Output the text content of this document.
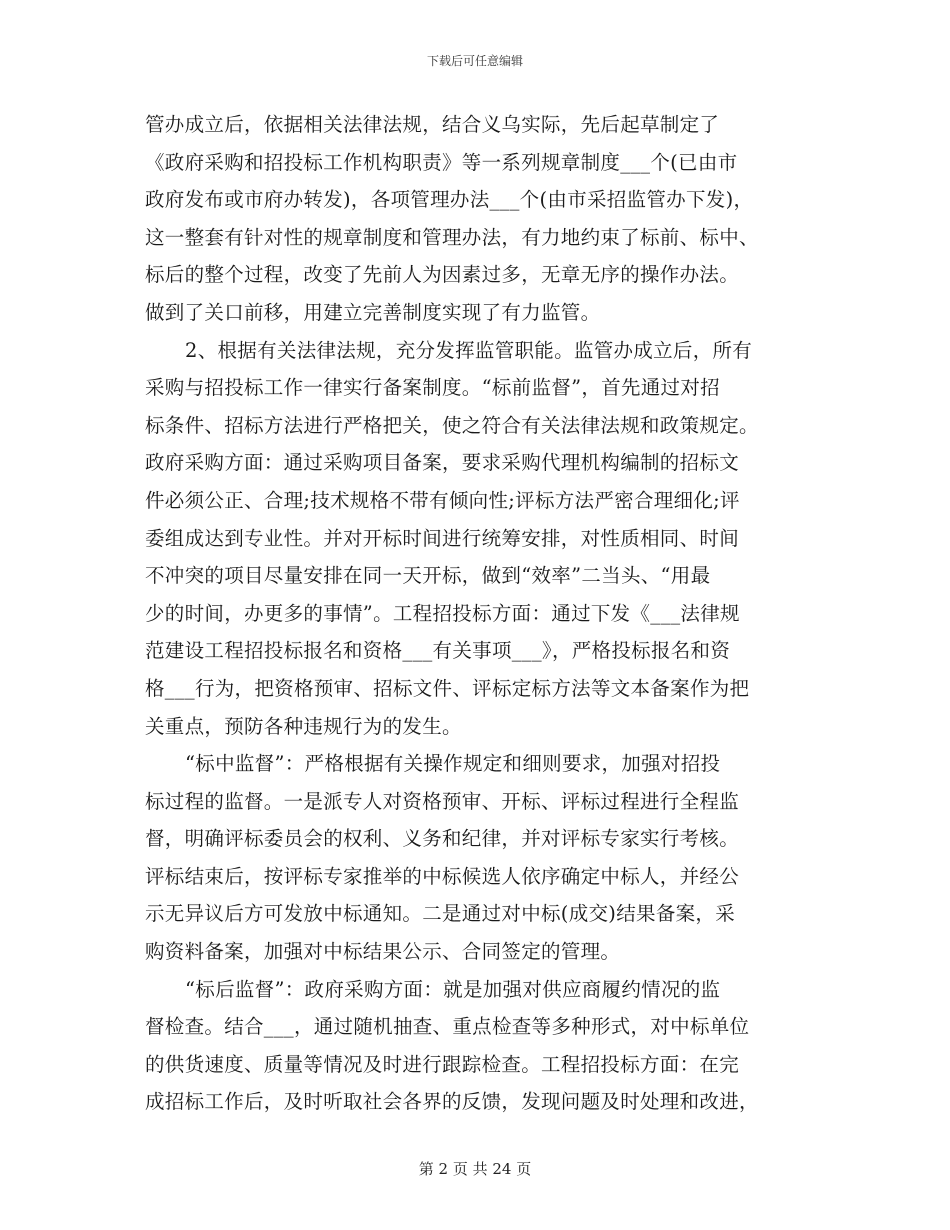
下载后可任意编辑
管办成立后，依据相关法律法规，结合义乌实际，先后起草制定了
《政府采购和招投标工作机构职责》等一系列规章制度___个(已由市
政府发布或市府办转发)，各项管理办法___个(由市采招监管办下发)，
这一整套有针对性的规章制度和管理办法，有力地约束了标前、标中、
标后的整个过程，改变了先前人为因素过多，无章无序的操作办法。
做到了关口前移，用建立完善制度实现了有力监管。
2、根据有关法律法规，充分发挥监管职能。监管办成立后，所有
采购与招投标工作一律实行备案制度。“标前监督”，首先通过对招
标条件、招标方法进行严格把关，使之符合有关法律法规和政策规定。
政府采购方面：通过采购项目备案，要求采购代理机构编制的招标文
件必须公正、合理;技术规格不带有倾向性;评标方法严密合理细化;评
委组成达到专业性。并对开标时间进行统筹安排，对性质相同、时间
不冲突的项目尽量安排在同一天开标，做到“效率”二当头、“用最
少的时间，办更多的事情”。工程招投标方面：通过下发《___法律规
范建设工程招投标报名和资格___有关事项___》，严格投标报名和资
格___行为，把资格预审、招标文件、评标定标方法等文本备案作为把
关重点，预防各种违规行为的发生。
“标中监督”：严格根据有关操作规定和细则要求，加强对招投
标过程的监督。一是派专人对资格预审、开标、评标过程进行全程监
督，明确评标委员会的权利、义务和纪律，并对评标专家实行考核。
评标结束后，按评标专家推举的中标候选人依序确定中标人，并经公
示无异议后方可发放中标通知。二是通过对中标(成交)结果备案，采
购资料备案，加强对中标结果公示、合同签定的管理。
“标后监督”：政府采购方面：就是加强对供应商履约情况的监
督检查。结合___，通过随机抽查、重点检查等多种形式，对中标单位
的供货速度、质量等情况及时进行跟踪检查。工程招投标方面：在完
成招标工作后，及时听取社会各界的反馈，发现问题及时处理和改进，
第 2 页 共 24 页
